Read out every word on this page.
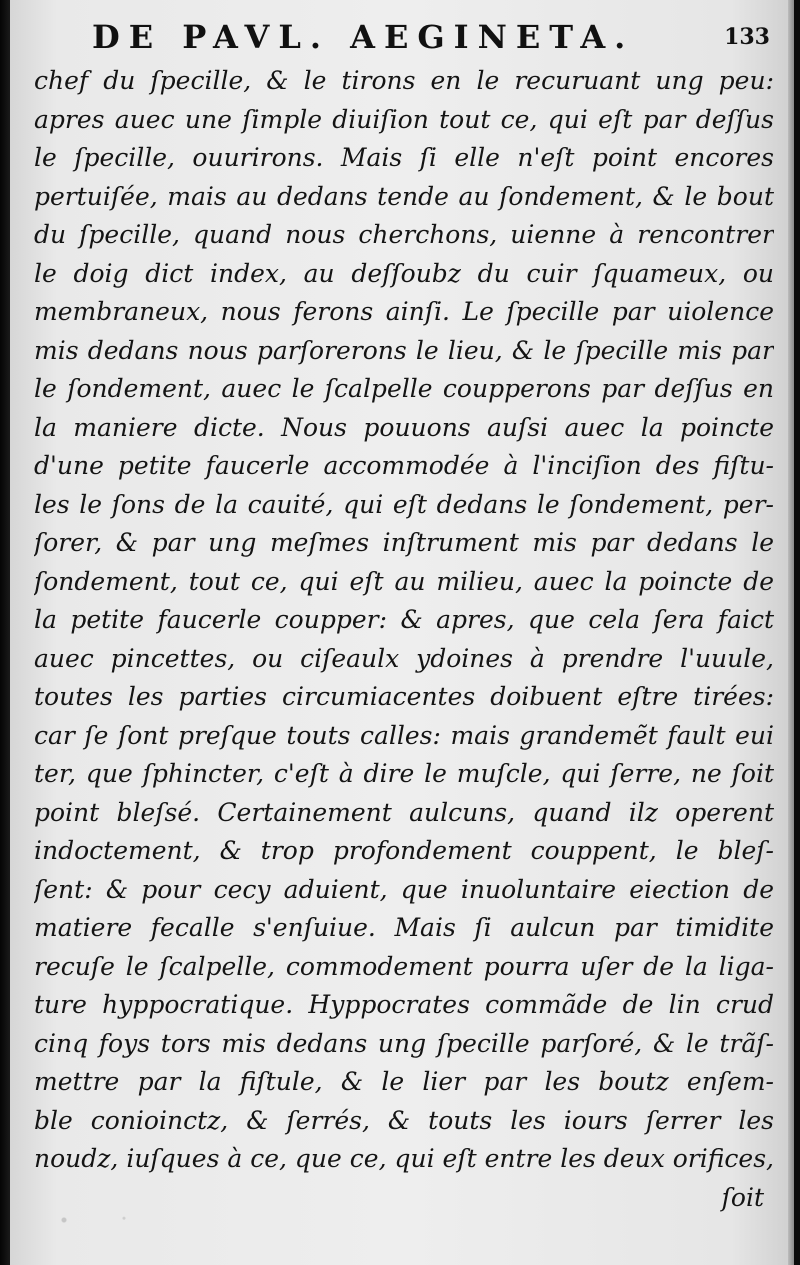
DE PAVL. AEGINETA.	133
chef du ſpecille, & le tirons en le recuruant ung peu:
apres auec une ſimple diuiſion tout ce, qui eſt par deſſus
le ſpecille, ouurirons. Mais ſi elle n'eſt point encores
pertuiſée, mais au dedans tende au ſondement, & le bout
du ſpecille, quand nous cherchons, uienne à rencontrer
le doig dict index, au deſſoubz du cuir ſquameux, ou
membraneux, nous ferons ainſi. Le ſpecille par uiolence
mis dedans nous parſorerons le lieu, & le ſpecille mis par
le ſondement, auec le ſcalpelle coupperons par deſſus en
la maniere dicte. Nous pouuons auſsi auec la poincte
d'une petite faucerle accommodée à l'inciſion des fiſtu-
les le ſons de la cauité, qui eſt dedans le ſondement, per-
ſorer, & par ung meſmes inſtrument mis par dedans le
ſondement, tout ce, qui eſt au milieu, auec la poincte de
la petite faucerle coupper: & apres, que cela ſera faict
auec pincettes, ou ciſeaulx ydoines à prendre l'uuule,
toutes les parties circumiacentes doibuent eſtre tirées:
car ſe ſont preſque touts calles: mais grandemẽt fault eui
ter, que ſphincter, c'eſt à dire le muſcle, qui ſerre, ne ſoit
point bleſsé. Certainement aulcuns, quand ilz operent
indoctement, & trop profondement couppent, le bleſ-
ſent: & pour cecy aduient, que inuoluntaire eiection de
matiere fecalle s'enſuiue. Mais ſi aulcun par timidite
recuſe le ſcalpelle, commodement pourra uſer de la liga-
ture hyppocratique. Hyppocrates commãde de lin crud
cinq foys tors mis dedans ung ſpecille parſoré, & le trãſ-
mettre par la fiſtule, & le lier par les boutz enſem-
ble conioinctz, & ſerrés, & touts les iours ſerrer les
noudz, iuſques à ce, que ce, qui eſt entre les deux orifices,
ſoit
